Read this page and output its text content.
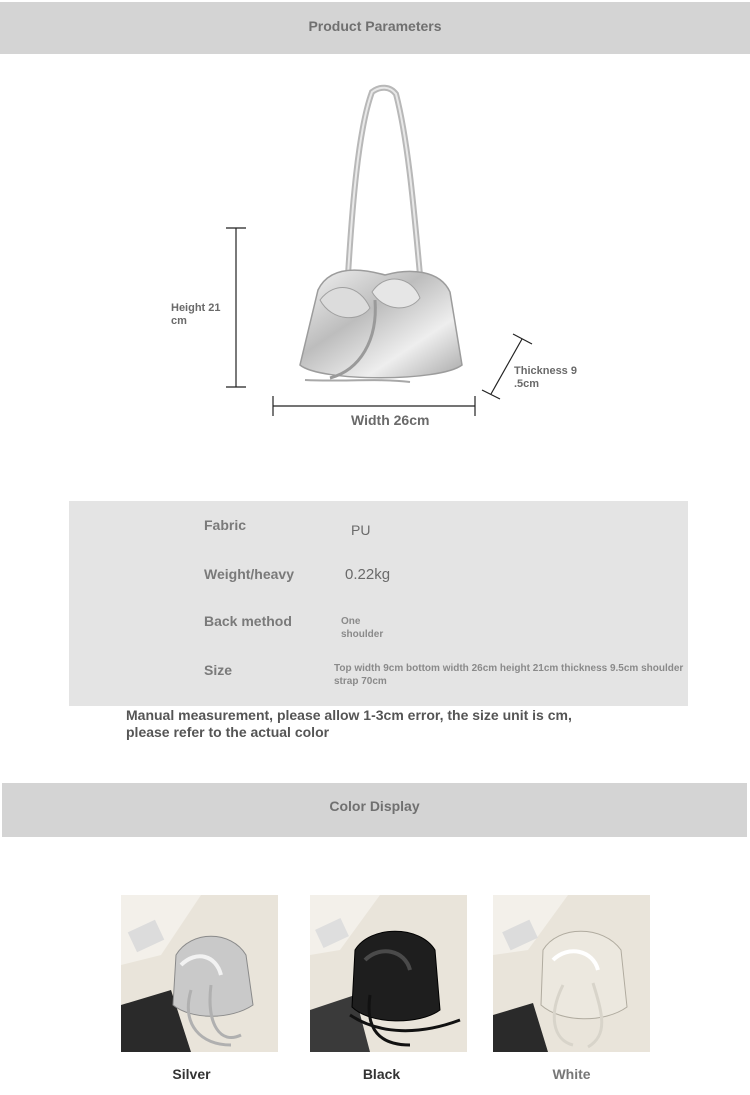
Product Parameters
Height 21 cm
Width 26cm
Thickness 9 .5cm
Fabric	PU
Weight/heavy	0.22kg
Back method	One shoulder
Size	Top width 9cm bottom width 26cm height 21cm thickness 9.5cm shoulder strap 70cm
Manual measurement, please allow 1-3cm error, the size unit is cm, please refer to the actual color
Color Display
Silver	Black	White
